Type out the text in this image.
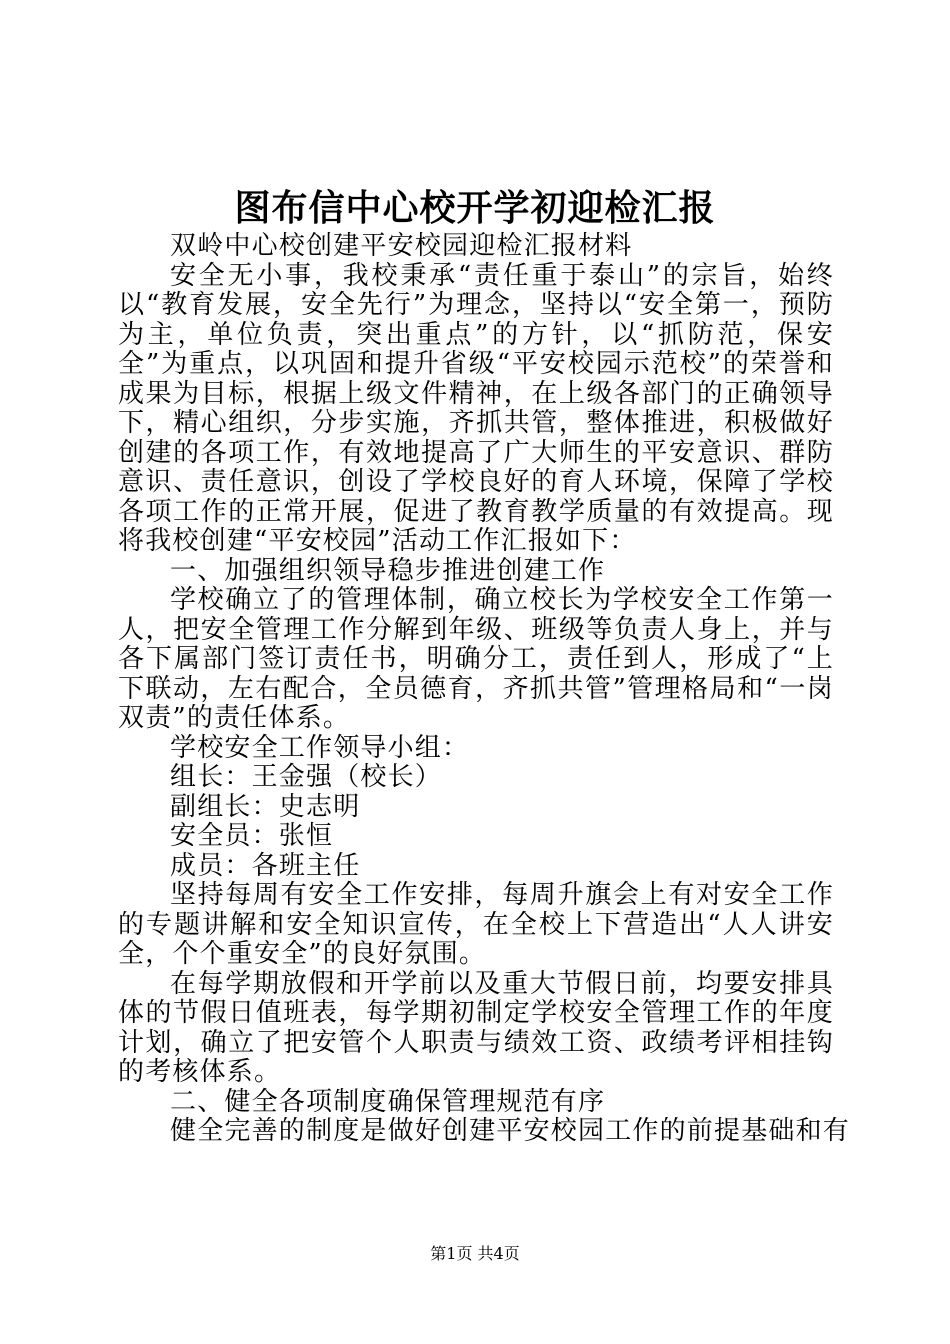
图布信中心校开学初迎检汇报

双岭中心校创建平安校园迎检汇报材料

安全无小事，我校秉承“责任重于泰山”的宗旨，始终以“教育发展，安全先行”为理念，坚持以“安全第一，预防为主，单位负责，突出重点”的方针，以“抓防范，保安全”为重点，以巩固和提升省级“平安校园示范校”的荣誉和成果为目标，根据上级文件精神，在上级各部门的正确领导下，精心组织，分步实施，齐抓共管，整体推进，积极做好创建的各项工作，有效地提高了广大师生的平安意识、群防意识、责任意识，创设了学校良好的育人环境，保障了学校各项工作的正常开展，促进了教育教学质量的有效提高。现将我校创建“平安校园”活动工作汇报如下：

一、加强组织领导稳步推进创建工作

学校确立了的管理体制，确立校长为学校安全工作第一人，把安全管理工作分解到年级、班级等负责人身上，并与各下属部门签订责任书，明确分工，责任到人，形成了“上下联动，左右配合，全员德育，齐抓共管”管理格局和“一岗双责”的责任体系。

学校安全工作领导小组：

组长：王金强（校长）

副组长：史志明

安全员：张恒

成员：各班主任

坚持每周有安全工作安排，每周升旗会上有对安全工作的专题讲解和安全知识宣传，在全校上下营造出“人人讲安全，个个重安全”的良好氛围。

在每学期放假和开学前以及重大节假日前，均要安排具体的节假日值班表，每学期初制定学校安全管理工作的年度计划，确立了把安管个人职责与绩效工资、政绩考评相挂钩的考核体系。

二、健全各项制度确保管理规范有序

健全完善的制度是做好创建平安校园工作的前提基础和有

第1页 共4页
